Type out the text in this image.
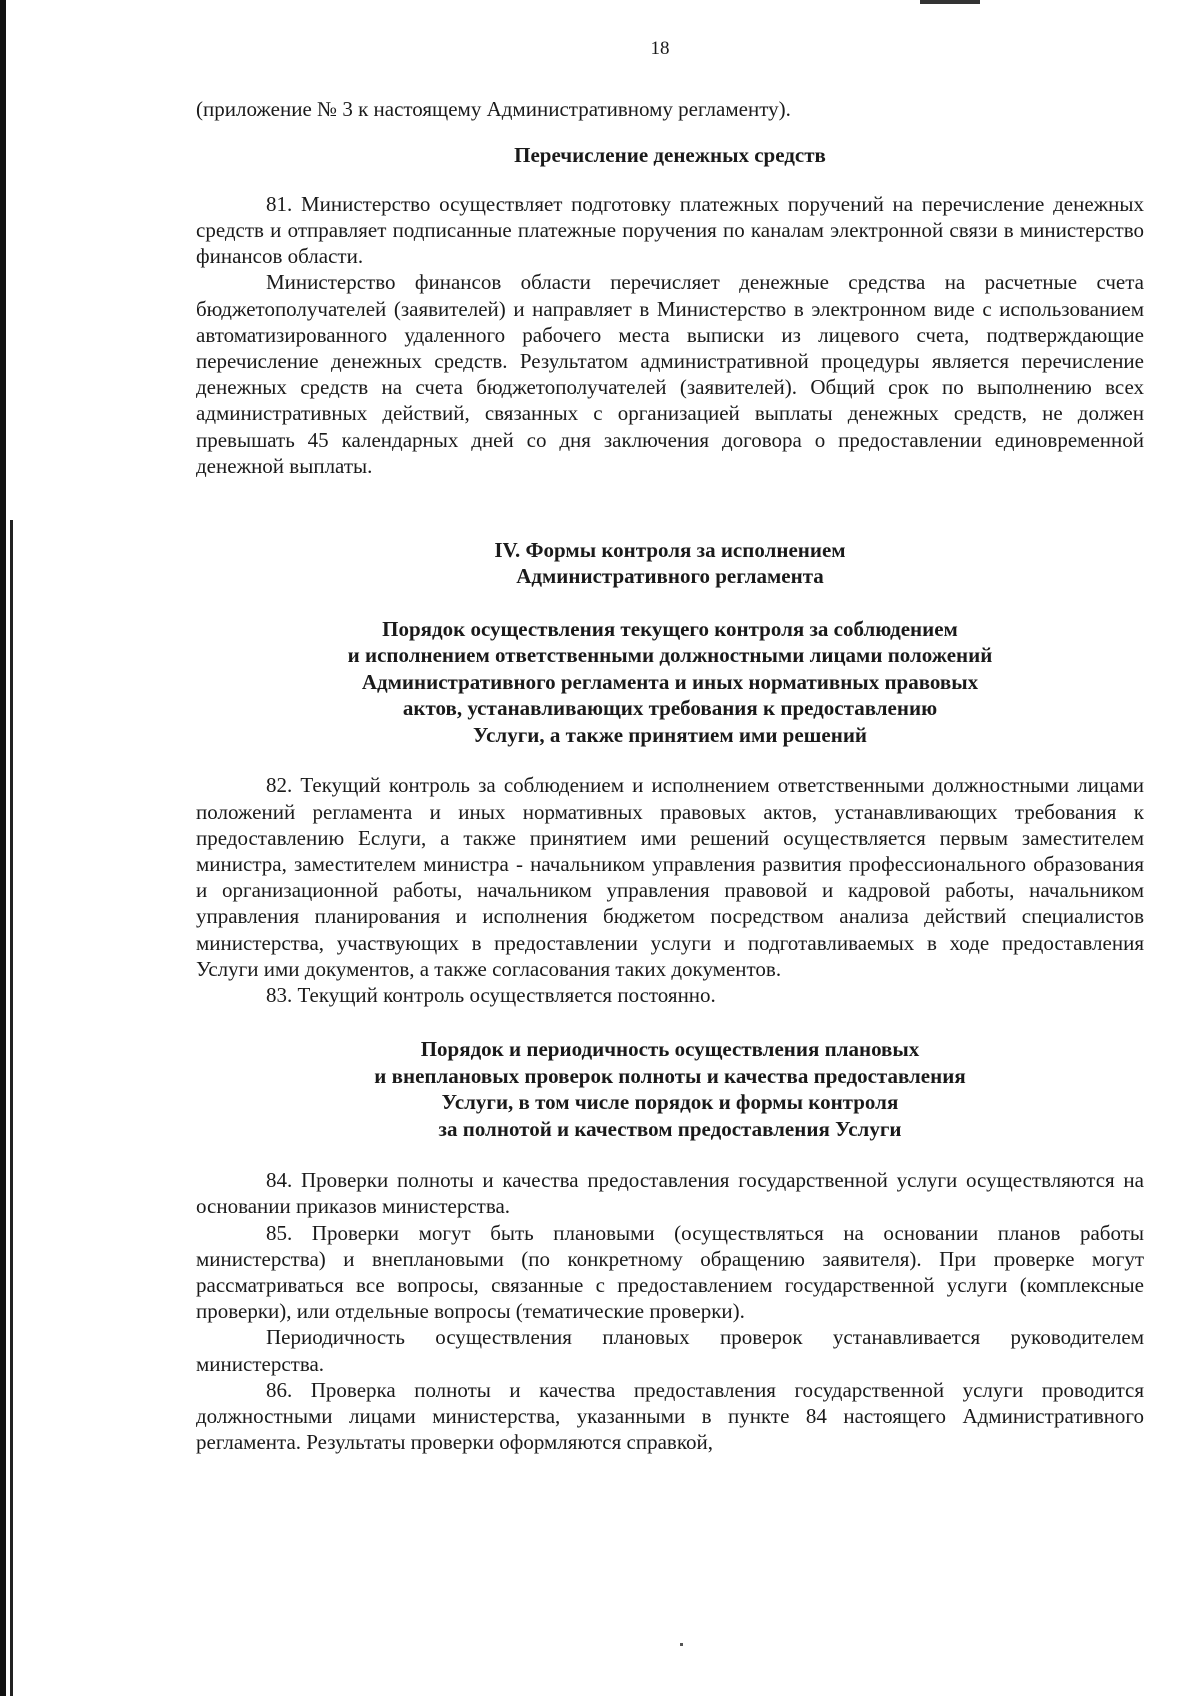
18

(приложение № 3 к настоящему Административному регламенту).

Перечисление денежных средств

81. Министерство осуществляет подготовку платежных поручений на перечисление денежных средств и отправляет подписанные платежные поручения по каналам электронной связи в министерство финансов области.

Министерство финансов области перечисляет денежные средства на расчетные счета бюджетополучателей (заявителей) и направляет в Министерство в электронном виде с использованием автоматизированного удаленного рабочего места выписки из лицевого счета, подтверждающие перечисление денежных средств. Результатом административной процедуры является перечисление денежных средств на счета бюджетополучателей (заявителей). Общий срок по выполнению всех административных действий, связанных с организацией выплаты денежных средств, не должен превышать 45 календарных дней со дня заключения договора о предоставлении единовременной денежной выплаты.

IV. Формы контроля за исполнением
Административного регламента
Порядок осуществления текущего контроля за соблюдением
и исполнением ответственными должностными лицами положений
Административного регламента и иных нормативных правовых
актов, устанавливающих требования к предоставлению
Услуги, а также принятием ими решений

82. Текущий контроль за соблюдением и исполнением ответственными должностными лицами положений регламента и иных нормативных правовых актов, устанавливающих требования к предоставлению Еслуги, а также принятием ими решений осуществляется первым заместителем министра, заместителем министра - начальником управления развития профессионального образования и организационной работы, начальником управления правовой и кадровой работы, начальником управления планирования и исполнения бюджетом посредством анализа действий специалистов министерства, участвующих в предоставлении услуги и подготавливаемых в ходе предоставления Услуги ими документов, а также согласования таких документов.

83. Текущий контроль осуществляется постоянно.

Порядок и периодичность осуществления плановых
и внеплановых проверок полноты и качества предоставления
Услуги, в том числе порядок и формы контроля
за полнотой и качеством предоставления Услуги

84. Проверки полноты и качества предоставления государственной услуги осуществляются на основании приказов министерства.

85. Проверки могут быть плановыми (осуществляться на основании планов работы министерства) и внеплановыми (по конкретному обращению заявителя). При проверке могут рассматриваться все вопросы, связанные с предоставлением государственной услуги (комплексные проверки), или отдельные вопросы (тематические проверки).

Периодичность осуществления плановых проверок устанавливается руководителем министерства.

86. Проверка полноты и качества предоставления государственной услуги проводится должностными лицами министерства, указанными в пункте 84 настоящего Административного регламента. Результаты проверки оформляются справкой,
